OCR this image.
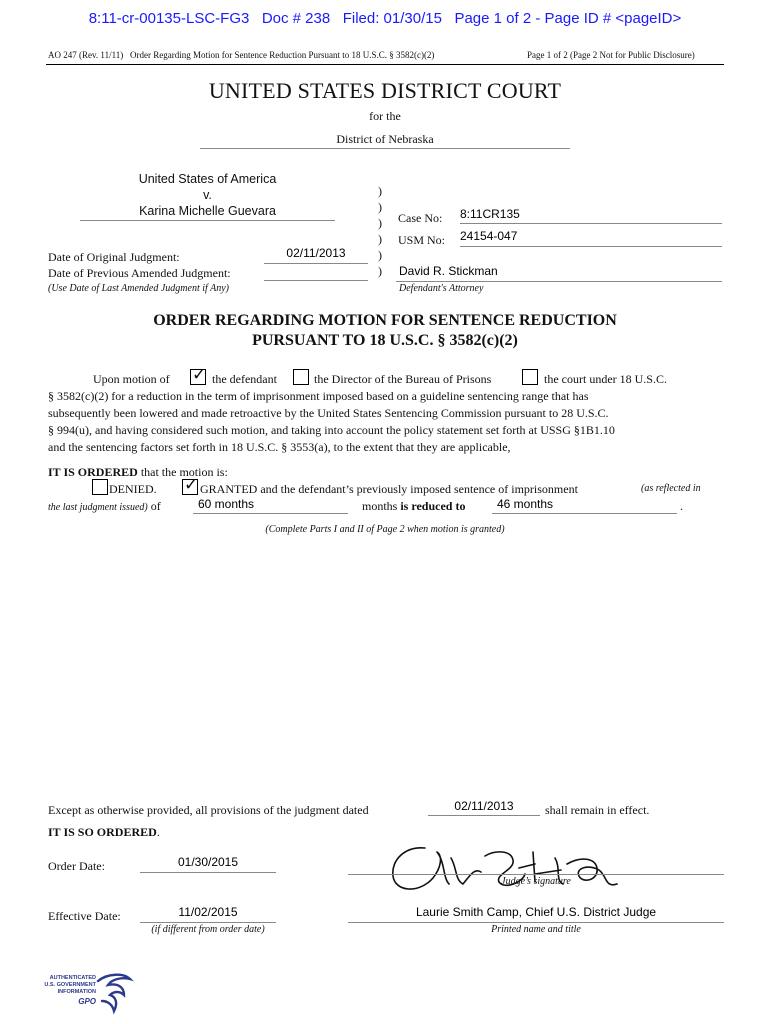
8:11-cr-00135-LSC-FG3   Doc # 238   Filed: 01/30/15   Page 1 of 2 - Page ID # <pageID>
AO 247 (Rev. 11/11)   Order Regarding Motion for Sentence Reduction Pursuant to 18 U.S.C. § 3582(c)(2)	Page 1 of 2 (Page 2 Not for Public Disclosure)
UNITED STATES DISTRICT COURT
for the
District of Nebraska
United States of America
v.
Karina Michelle Guevara
)
)
)
)
)
)
Case No: 8:11CR135
USM No: 24154-047
David R. Stickman
Defendant's Attorney
Date of Original Judgment:	02/11/2013
Date of Previous Amended Judgment:
(Use Date of Last Amended Judgment if Any)
ORDER REGARDING MOTION FOR SENTENCE REDUCTION
PURSUANT TO 18 U.S.C. § 3582(c)(2)
Upon motion of ✓ the defendant	the Director of the Bureau of Prisons	the court under 18 U.S.C.
§ 3582(c)(2) for a reduction in the term of imprisonment imposed based on a guideline sentencing range that has
subsequently been lowered and made retroactive by the United States Sentencing Commission pursuant to 28 U.S.C.
§ 994(u), and having considered such motion, and taking into account the policy statement set forth at USSG §1B1.10
and the sentencing factors set forth in 18 U.S.C. § 3553(a), to the extent that they are applicable,
IT IS ORDERED that the motion is:
DENIED. ✓ GRANTED and the defendant’s previously imposed sentence of imprisonment	(as reflected in
the last judgment issued) of	60 months	months is reduced to	46 months	.
(Complete Parts I and II of Page 2 when motion is granted)
Except as otherwise provided, all provisions of the judgment dated	02/11/2013	shall remain in effect.
IT IS SO ORDERED.
Order Date:	01/30/2015
Judge’s signature
Effective Date:	11/02/2015
(if different from order date)
Laurie Smith Camp, Chief U.S. District Judge
Printed name and title
AUTHENTICATED
U.S. GOVERNMENT
INFORMATION
GPO
